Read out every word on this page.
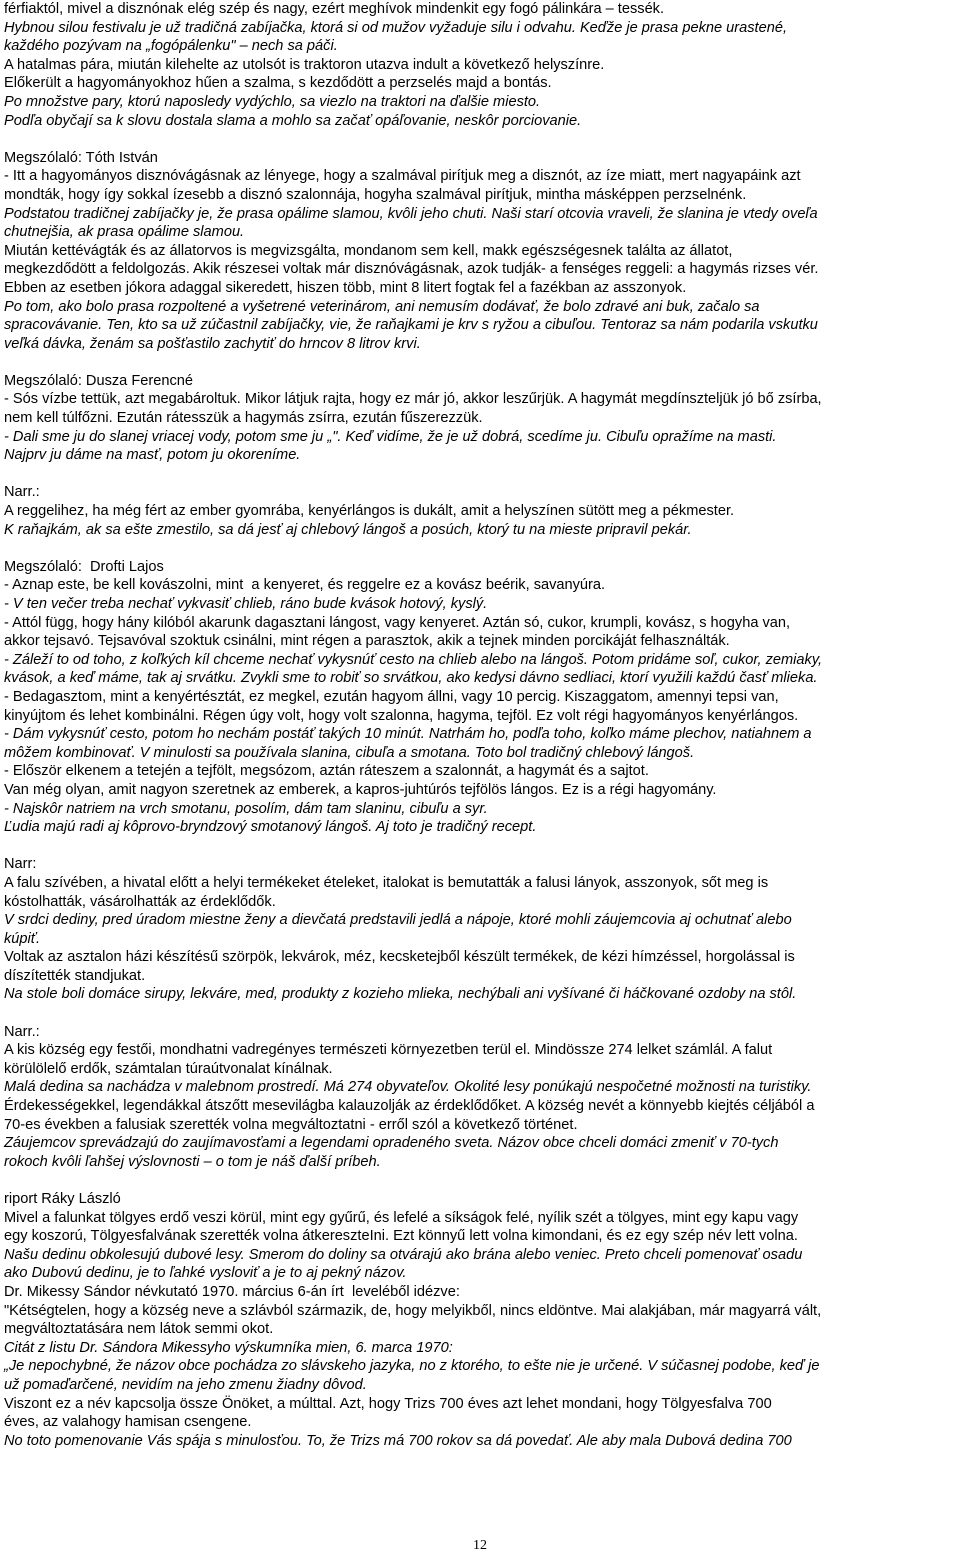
férfiaktól, mivel a disznónak elég szép és nagy, ezért meghívok mindenkit egy fogó pálinkára – tessék.
Hybnou silou festivalu je už tradičná zabíjačka, ktorá si od mužov vyžaduje silu i odvahu. Keďže je prasa pekne urastené,
každého pozývam na „fogópálenku" – nech sa páči.
A hatalmas pára, miután kilehelte az utolsót is traktoron utazva indult a következő helyszínre.
Előkerült a hagyományokhoz hűen a szalma, s kezdődött a perzselés majd a bontás.
Po množstve pary, ktorú naposledy vydýchlo, sa viezlo na traktori na ďalšie miesto.
Podľa obyčají sa k slovu dostala slama a mohlo sa začať opáľovanie, neskôr porciovanie.
Megszólaló: Tóth István
- Itt a hagyományos disznóvágásnak az lényege, hogy a szalmával pirítjuk meg a disznót, az íze miatt, mert nagyapáink azt
mondták, hogy így sokkal ízesebb a disznó szalonnája, hogyha szalmával pirítjuk, mintha másképpen perzselnénk.
Podstatou tradičnej zabíjačky je, že prasa opálime slamou, kvôli jeho chuti. Naši starí otcovia vraveli, že slanina je vtedy oveľa
chutnejšia, ak prasa opálime slamou.
Miután kettévágták és az állatorvos is megvizsgálta, mondanom sem kell, makk egészségesnek találta az állatot,
megkezdődött a feldolgozás. Akik részesei voltak már disznóvágásnak, azok tudják- a fenséges reggeli: a hagymás rizses vér.
Ebben az esetben jókora adaggal sikeredett, hiszen több, mint 8 litert fogtak fel a fazékban az asszonyok.
Po tom, ako bolo prasa rozpoltené a vyšetrené veterinárom, ani nemusím dodávať, že bolo zdravé ani buk, začalo sa
spracovávanie. Ten, kto sa už zúčastnil zabíjačky, vie, že raňajkami je krv s ryžou a cibuľou. Tentoraz sa nám podarila vskutku
veľká dávka, ženám sa pošťastilo zachytiť do hrncov 8 litrov krvi.
Megszólaló: Dusza Ferencné
- Sós vízbe tettük, azt megabároltuk. Mikor látjuk rajta, hogy ez már jó, akkor leszűrjük. A hagymát megdínszteljük jó bő zsírba,
nem kell túlfőzni. Ezután rátesszük a hagymás zsírra, ezután fűszerezzük.
- Dali sme ju do slanej vriacej vody, potom sme ju „". Keď vidíme, že je už dobrá, scedíme ju. Cibuľu opražíme na masti.
Najprv ju dáme na masť, potom ju okoreníme.
Narr.:
A reggelihez, ha még fért az ember gyomrába, kenyérlángos is dukált, amit a helyszínen sütött meg a pékmester.
K raňajkám, ak sa ešte zmestilo, sa dá jesť aj chlebový lángoš a posúch, ktorý tu na mieste pripravil pekár.
Megszólaló:  Drofti Lajos
- Aznap este, be kell kovászolni, mint  a kenyeret, és reggelre ez a kovász beérik, savanyúra.
- V ten večer treba nechať vykvasiť chlieb, ráno bude kvások hotový, kyslý.
- Attól függ, hogy hány kilóból akarunk dagasztani lángost, vagy kenyeret. Aztán só, cukor, krumpli, kovász, s hogyha van,
akkor tejsavó. Tejsavóval szoktuk csinálni, mint régen a parasztok, akik a tejnek minden porcikáját felhasználták.
- Záleží to od toho, z koľkých kíl chceme nechať vykysnúť cesto na chlieb alebo na lángoš. Potom pridáme soľ, cukor, zemiaky,
kvások, a keď máme, tak aj srvátku. Zvykli sme to robiť so srvátkou, ako kedysi dávno sedliaci, ktorí využili každú časť mlieka.
- Bedagasztom, mint a kenyértésztát, ez megkel, ezután hagyom állni, vagy 10 percig. Kiszaggatom, amennyi tepsi van,
kinyújtom és lehet kombinálni. Régen úgy volt, hogy volt szalonna, hagyma, tejföl. Ez volt régi hagyományos kenyérlángos.
- Dám vykysnúť cesto, potom ho nechám postáť takých 10 minút. Natrhám ho, podľa toho, koľko máme plechov, natiahnem a
môžem kombinovať. V minulosti sa používala slanina, cibuľa a smotana. Toto bol tradičný chlebový lángoš.
- Először elkenem a tetején a tejfölt, megsózom, aztán ráteszem a szalonnát, a hagymát és a sajtot.
Van még olyan, amit nagyon szeretnek az emberek, a kapros-juhtúrós tejfölös lángos. Ez is a régi hagyomány.
- Najskôr natriem na vrch smotanu, posolím, dám tam slaninu, cibuľu a syr.
Ľudia majú radi aj kôprovo-bryndzový smotanový lángoš. Aj toto je tradičný recept.
Narr:
A falu szívében, a hivatal előtt a helyi termékeket ételeket, italokat is bemutatták a falusi lányok, asszonyok, sőt meg is
kóstolhatták, vásárolhatták az érdeklődők.
V srdci dediny, pred úradom miestne ženy a dievčatá predstavili jedlá a nápoje, ktoré mohli záujemcovia aj ochutnať alebo
kúpiť.
Voltak az asztalon házi készítésű szörpök, lekvárok, méz, kecsketejből készült termékek, de kézi hímzéssel, horgolással is
díszítették standjukat.
Na stole boli domáce sirupy, lekváre, med, produkty z kozieho mlieka, nechýbali ani vyšívané či háčkované ozdoby na stôl.
Narr.:
A kis község egy festői, mondhatni vadregényes természeti környezetben terül el. Mindössze 274 lelket számlál. A falut
körülölelő erdők, számtalan túraútvonalat kínálnak.
Malá dedina sa nachádza v malebnom prostredí. Má 274 obyvateľov. Okolité lesy ponúkajú nespočetné možnosti na turistiky.
Érdekességekkel, legendákkal átszőtt mesevilágba kalauzolják az érdeklődőket. A község nevét a könnyebb kiejtés céljából a
70-es években a falusiak szerették volna megváltoztatni - erről szól a következő történet.
Záujemcov sprevádzajú do zaujímavosťami a legendami opradeného sveta. Názov obce chceli domáci zmeniť v 70-tych
rokoch kvôli ľahšej výslovnosti – o tom je náš ďalší príbeh.
riport Ráky László
Mivel a falunkat tölgyes erdő veszi körül, mint egy gyűrű, és lefelé a síkságok felé, nyílik szét a tölgyes, mint egy kapu vagy
egy koszorú, Tölgyesfalvának szerették volna átkereszteIni. Ezt könnyű lett volna kimondani, és ez egy szép név lett volna.
Našu dedinu obkolesujú dubové lesy. Smerom do doliny sa otvárajú ako brána alebo veniec. Preto chceli pomenovať osadu
ako Dubovú dedinu, je to ľahké vysloviť a je to aj pekný názov.
Dr. Mikessy Sándor névkutató 1970. március 6-án írt  leveléből idézve:
"Kétségtelen, hogy a község neve a szlávból származik, de, hogy melyikből, nincs eldöntve. Mai alakjában, már magyarrá vált,
megváltoztatására nem látok semmi okot.
Citát z listu Dr. Sándora Mikessyho výskumníka mien, 6. marca 1970:
„Je nepochybné, že názov obce pochádza zo slávskeho jazyka, no z ktorého, to ešte nie je určené. V súčasnej podobe, keď je
už pomaďarčené, nevidím na jeho zmenu žiadny dôvod.
Viszont ez a név kapcsolja össze Önöket, a múlttal. Azt, hogy Trizs 700 éves azt lehet mondani, hogy Tölgyesfalva 700
éves, az valahogy hamisan csengene.
No toto pomenovanie Vás spája s minulosťou. To, že Trizs má 700 rokov sa dá povedať. Ale aby mala Dubová dedina 700
12
